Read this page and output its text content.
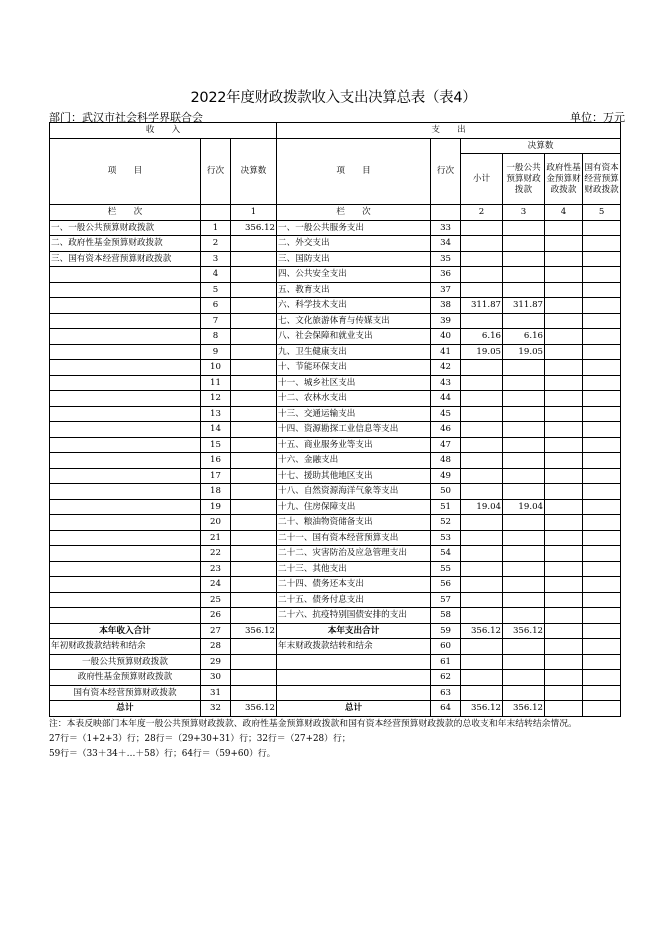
2022年度财政拨款收入支出决算总表（表4）
部门：武汉市社会科学界联合会	单位：万元
收　　入			支　　出					
项　　目	行次	决算数	项　　目	行次	决算数			
					小计	一般公共预算财政拨款	政府性基金预算财政拨款	国有资本经营预算财政拨款
栏　　次		1	栏　　次		2	3	4	5
一、一般公共预算财政拨款	1	356.12	一、一般公共服务支出	33				
二、政府性基金预算财政拨款	2		二、外交支出	34				
三、国有资本经营预算财政拨款	3		三、国防支出	35				
	4		四、公共安全支出	36				
	5		五、教育支出	37				
	6		六、科学技术支出	38	311.87	311.87		
	7		七、文化旅游体育与传媒支出	39				
	8		八、社会保障和就业支出	40	6.16	6.16		
	9		九、卫生健康支出	41	19.05	19.05		
	10		十、节能环保支出	42				
	11		十一、城乡社区支出	43				
	12		十二、农林水支出	44				
	13		十三、交通运输支出	45				
	14		十四、资源勘探工业信息等支出	46				
	15		十五、商业服务业等支出	47				
	16		十六、金融支出	48				
	17		十七、援助其他地区支出	49				
	18		十八、自然资源海洋气象等支出	50				
	19		十九、住房保障支出	51	19.04	19.04		
	20		二十、粮油物资储备支出	52				
	21		二十一、国有资本经营预算支出	53				
	22		二十二、灾害防治及应急管理支出	54				
	23		二十三、其他支出	55				
	24		二十四、债务还本支出	56				
	25		二十五、债务付息支出	57				
	26		二十六、抗疫特别国债安排的支出	58				
本年收入合计	27	356.12	本年支出合计	59	356.12	356.12		
年初财政拨款结转和结余	28		年末财政拨款结转和结余	60				
一般公共预算财政拨款	29			61				
政府性基金预算财政拨款	30			62				
国有资本经营预算财政拨款	31			63				
总计	32	356.12	总计	64	356.12	356.12		
注：本表反映部门本年度一般公共预算财政拨款、政府性基金预算财政拨款和国有资本经营预算财政拨款的总收支和年末结转结余情况。
27行＝（1+2+3）行；28行＝（29+30+31）行；32行＝（27+28）行；
59行＝（33＋34＋…＋58）行；64行＝（59+60）行。
